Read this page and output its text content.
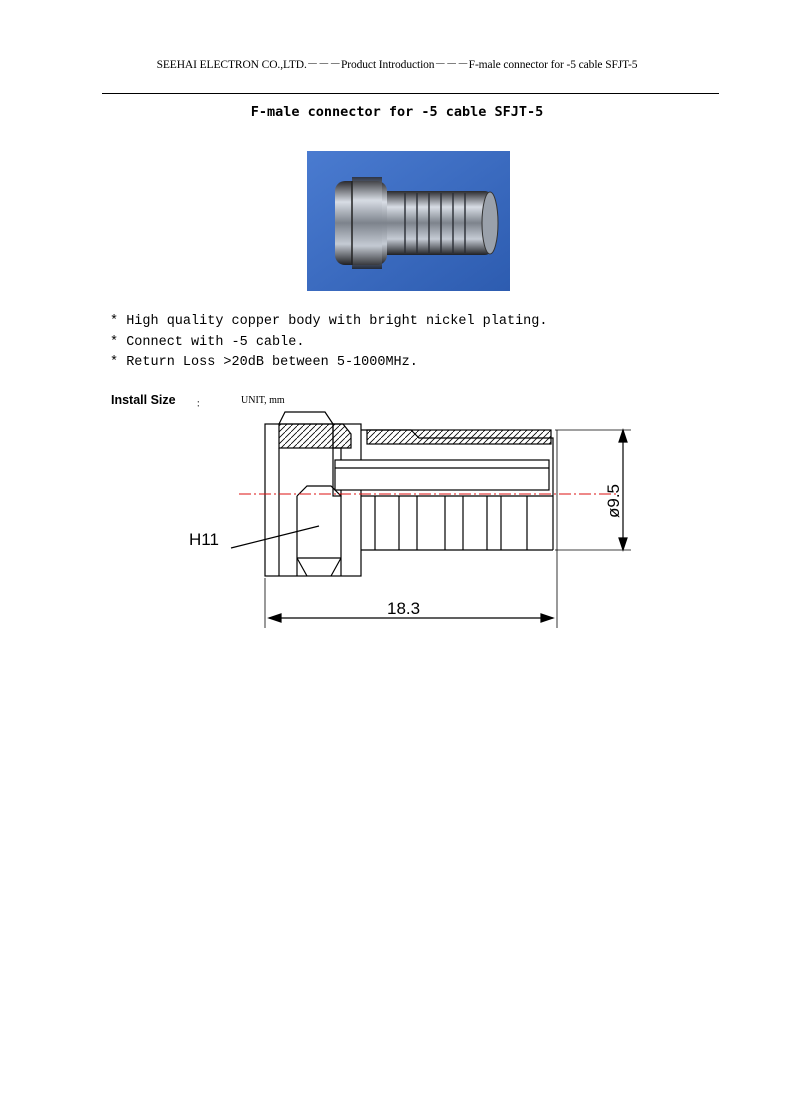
SEEHAI ELECTRON CO.,LTD.－－－Product Introduction－－－F-male connector for -5 cable SFJT-5
F-male connector for -5 cable SFJT-5
* High quality copper body with bright nickel plating.
* Connect with -5 cable.
* Return Loss >20dB between 5-1000MHz.
Install Size ：	UNIT, mm
H11
ø9.5
18.3
